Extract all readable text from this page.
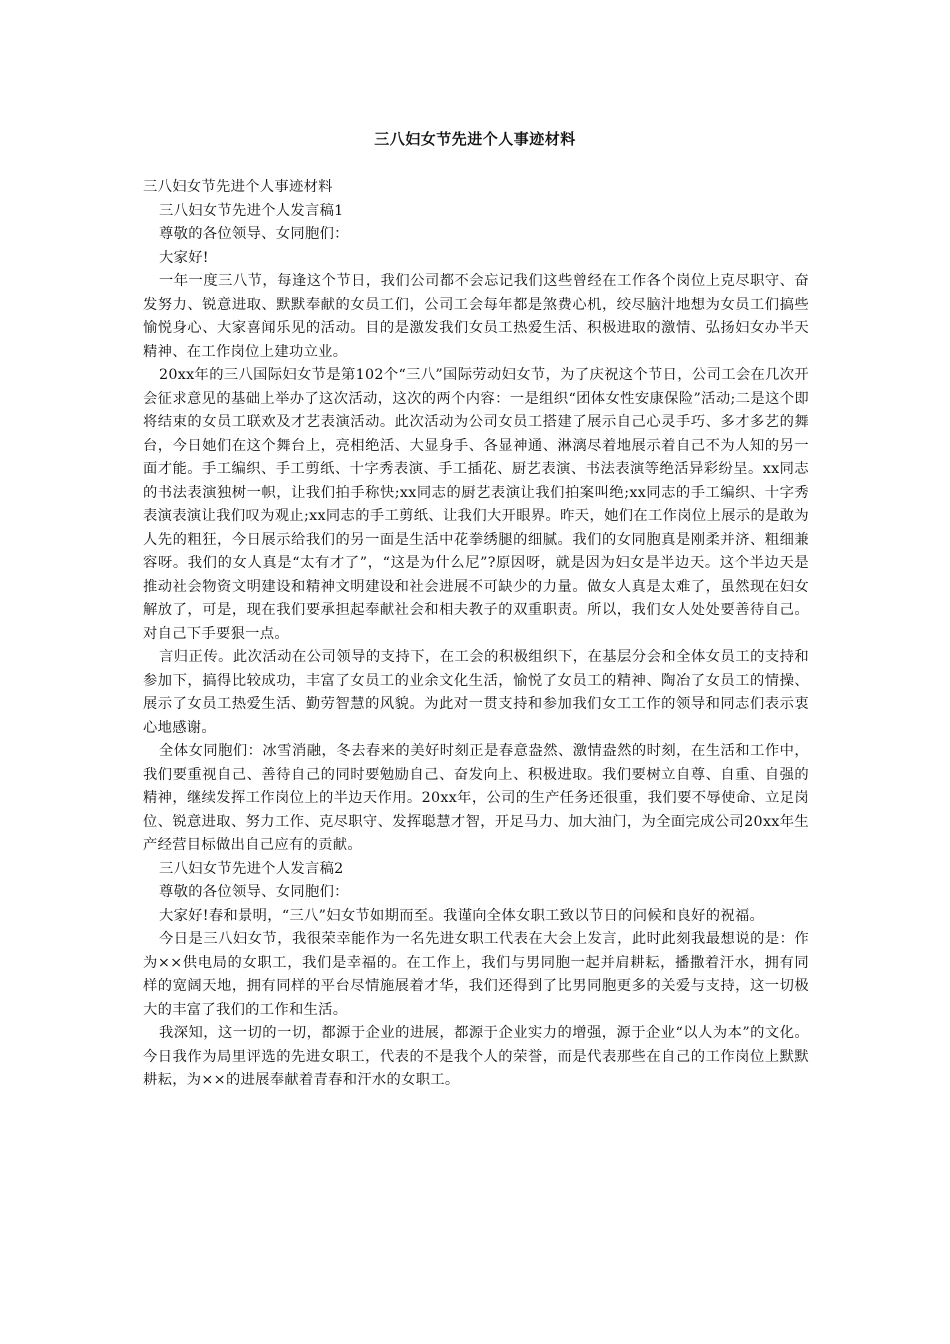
三八妇女节先进个人事迹材料

三八妇女节先进个人事迹材料

三八妇女节先进个人发言稿1

尊敬的各位领导、女同胞们：

大家好!

一年一度三八节，每逢这个节日，我们公司都不会忘记我们这些曾经在工作各个岗位上克尽职守、奋发努力、锐意进取、默默奉献的女员工们，公司工会每年都是煞费心机，绞尽脑汁地想为女员工们搞些愉悦身心、大家喜闻乐见的活动。目的是激发我们女员工热爱生活、积极进取的激情、弘扬妇女办半天精神、在工作岗位上建功立业。

20xx年的三八国际妇女节是第102个“三八”国际劳动妇女节，为了庆祝这个节日，公司工会在几次开会征求意见的基础上举办了这次活动，这次的两个内容：一是组织“团体女性安康保险”活动;二是这个即将结束的女员工联欢及才艺表演活动。此次活动为公司女员工搭建了展示自己心灵手巧、多才多艺的舞台，今日她们在这个舞台上，亮相绝活、大显身手、各显神通、淋漓尽着地展示着自己不为人知的另一面才能。手工编织、手工剪纸、十字秀表演、手工插花、厨艺表演、书法表演等绝活异彩纷呈。xx同志的书法表演独树一帜，让我们拍手称快;xx同志的厨艺表演让我们拍案叫绝;xx同志的手工编织、十字秀表演表演让我们叹为观止;xx同志的手工剪纸、让我们大开眼界。昨天，她们在工作岗位上展示的是敢为人先的粗狂，今日展示给我们的另一面是生活中花拳绣腿的细腻。我们的女同胞真是刚柔并济、粗细兼容呀。我们的女人真是“太有才了”，“这是为什么尼”?原因呀，就是因为妇女是半边天。这个半边天是推动社会物资文明建设和精神文明建设和社会进展不可缺少的力量。做女人真是太难了，虽然现在妇女解放了，可是，现在我们要承担起奉献社会和相夫教子的双重职责。所以，我们女人处处要善待自己。对自己下手要狠一点。

言归正传。此次活动在公司领导的支持下，在工会的积极组织下，在基层分会和全体女员工的支持和参加下，搞得比较成功，丰富了女员工的业余文化生活，愉悦了女员工的精神、陶冶了女员工的情操、展示了女员工热爱生活、勤劳智慧的风貌。为此对一贯支持和参加我们女工工作的领导和同志们表示衷心地感谢。

全体女同胞们：冰雪消融，冬去春来的美好时刻正是春意盎然、激情盎然的时刻，在生活和工作中，我们要重视自己、善待自己的同时要勉励自己、奋发向上、积极进取。我们要树立自尊、自重、自强的精神，继续发挥工作岗位上的半边天作用。20xx年，公司的生产任务还很重，我们要不辱使命、立足岗位、锐意进取、努力工作、克尽职守、发挥聪慧才智，开足马力、加大油门，为全面完成公司20xx年生产经营目标做出自己应有的贡献。

三八妇女节先进个人发言稿2

尊敬的各位领导、女同胞们：

大家好!春和景明，“三八”妇女节如期而至。我谨向全体女职工致以节日的问候和良好的祝福。

今日是三八妇女节，我很荣幸能作为一名先进女职工代表在大会上发言，此时此刻我最想说的是：作为××供电局的女职工，我们是幸福的。在工作上，我们与男同胞一起并肩耕耘，播撒着汗水，拥有同样的宽阔天地，拥有同样的平台尽情施展着才华，我们还得到了比男同胞更多的关爱与支持，这一切极大的丰富了我们的工作和生活。

我深知，这一切的一切，都源于企业的进展，都源于企业实力的增强，源于企业“以人为本”的文化。今日我作为局里评选的先进女职工，代表的不是我个人的荣誉，而是代表那些在自己的工作岗位上默默耕耘，为××的进展奉献着青春和汗水的女职工。
